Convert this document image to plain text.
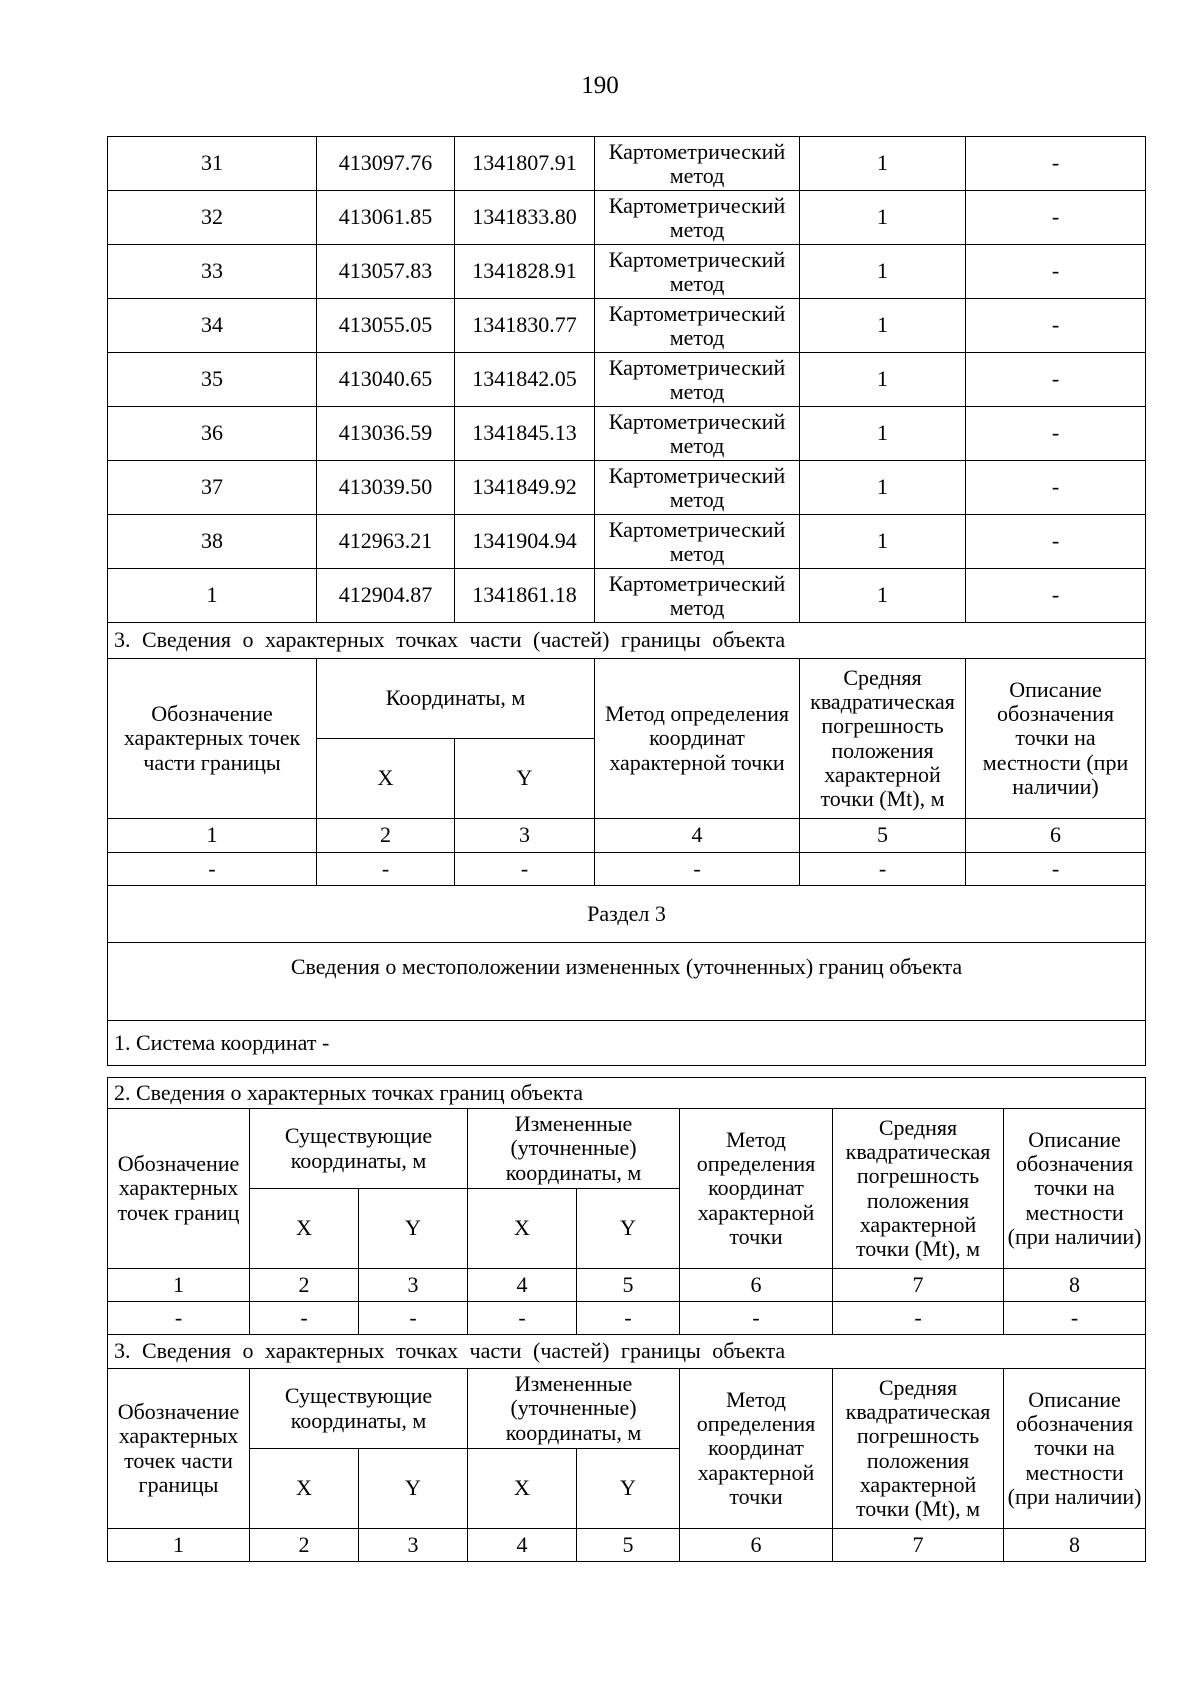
190
31	413097.76	1341807.91	Картометрический метод	1	-
32	413061.85	1341833.80	Картометрический метод	1	-
33	413057.83	1341828.91	Картометрический метод	1	-
34	413055.05	1341830.77	Картометрический метод	1	-
35	413040.65	1341842.05	Картометрический метод	1	-
36	413036.59	1341845.13	Картометрический метод	1	-
37	413039.50	1341849.92	Картометрический метод	1	-
38	412963.21	1341904.94	Картометрический метод	1	-
1	412904.87	1341861.18	Картометрический метод	1	-
3. Сведения о характерных точках части (частей) границы объекта					
Обозначение характерных точек части границы	Координаты, м		Метод определения координат характерной точки	Средняя квадратическая погрешность положения характерной точки (Mt), м	Описание обозначения точки на местности (при наличии)
	X	Y			
1	2	3	4	5	6
-	-	-	-	-	-
Раздел 3					
Сведения о местоположении измененных (уточненных) границ объекта					
1. Система координат -					
2. Сведения о характерных точках границ объекта							
Обозначение характерных точек границ	Существующие координаты, м		Измененные (уточненные) координаты, м		Метод определения координат характерной точки	Средняя квадратическая погрешность положения характерной точки (Mt), м	Описание обозначения точки на местности (при наличии)
	X	Y	X	Y			
1	2	3	4	5	6	7	8
-	-	-	-	-	-	-	-
3. Сведения о характерных точках части (частей) границы объекта							
Обозначение характерных точек части границы	Существующие координаты, м		Измененные (уточненные) координаты, м		Метод определения координат характерной точки	Средняя квадратическая погрешность положения характерной точки (Mt), м	Описание обозначения точки на местности (при наличии)
	X	Y	X	Y			
1	2	3	4	5	6	7	8
